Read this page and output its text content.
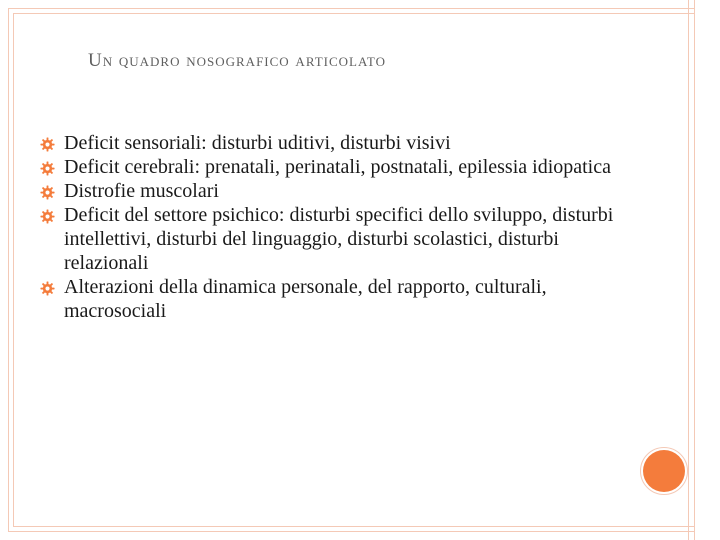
Un quadro nosografico articolato
Deficit sensoriali: disturbi uditivi, disturbi visivi
Deficit cerebrali: prenatali, perinatali, postnatali, epilessia idiopatica
Distrofie muscolari
Deficit del settore psichico: disturbi specifici dello sviluppo, disturbi intellettivi, disturbi del linguaggio, disturbi scolastici, disturbi relazionali
Alterazioni della dinamica personale, del rapporto, culturali, macrosociali
